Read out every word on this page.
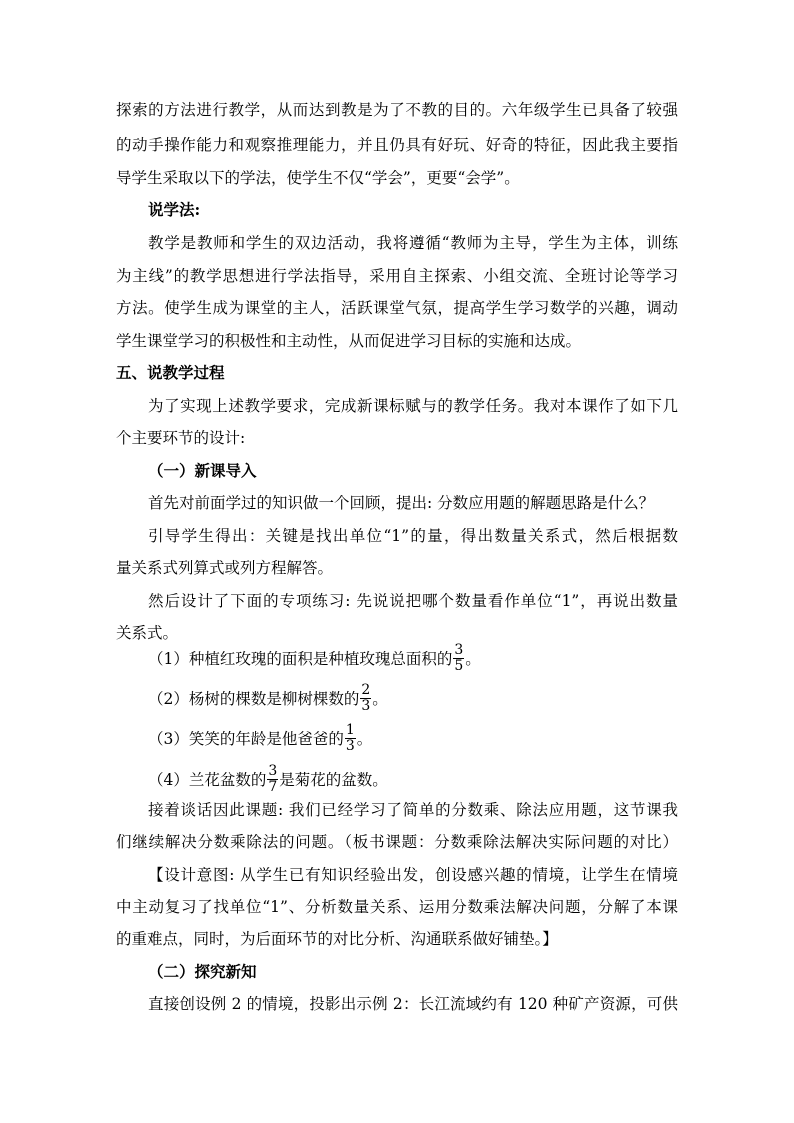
探索的方法进行教学，从而达到教是为了不教的目的。六年级学生已具备了较强
的动手操作能力和观察推理能力，并且仍具有好玩、好奇的特征，因此我主要指
导学生采取以下的学法，使学生不仅“学会”，更要“会学”。
说学法:
教学是教师和学生的双边活动，我将遵循“教师为主导，学生为主体，训练
为主线”的教学思想进行学法指导，采用自主探索、小组交流、全班讨论等学习
方法。使学生成为课堂的主人，活跃课堂气氛，提高学生学习数学的兴趣，调动
学生课堂学习的积极性和主动性，从而促进学习目标的实施和达成。
五、说教学过程
为了实现上述教学要求，完成新课标赋与的教学任务。我对本课作了如下几
个主要环节的设计:
（一）新课导入
首先对前面学过的知识做一个回顾，提出: 分数应用题的解题思路是什么？
引导学生得出：关键是找出单位“1”的量，得出数量关系式，然后根据数
量关系式列算式或列方程解答。
然后设计了下面的专项练习: 先说说把哪个数量看作单位“1”，再说出数量
关系式。
（1）种植红玫瑰的面积是种植玫瑰总面积的 $\frac{3}{5}$ 。
（2）杨树的棵数是柳树棵数的 $\frac{2}{3}$ 。
（3）笑笑的年龄是他爸爸的 $\frac{1}{3}$ 。
（4）兰花盆数的 $\frac{3}{7}$ 是菊花的盆数。
接着谈话因此课题: 我们已经学习了简单的分数乘、除法应用题，这节课我
们继续解决分数乘除法的问题。（板书课题：分数乘除法解决实际问题的对比）
【设计意图: 从学生已有知识经验出发，创设感兴趣的情境，让学生在情境
中主动复习了找单位“1”、分析数量关系、运用分数乘法解决问题，分解了本课
的重难点，同时，为后面环节的对比分析、沟通联系做好铺垫。】
（二）探究新知
直接创设例 2 的情境，投影出示例 2：长江流域约有 120 种矿产资源，可供
